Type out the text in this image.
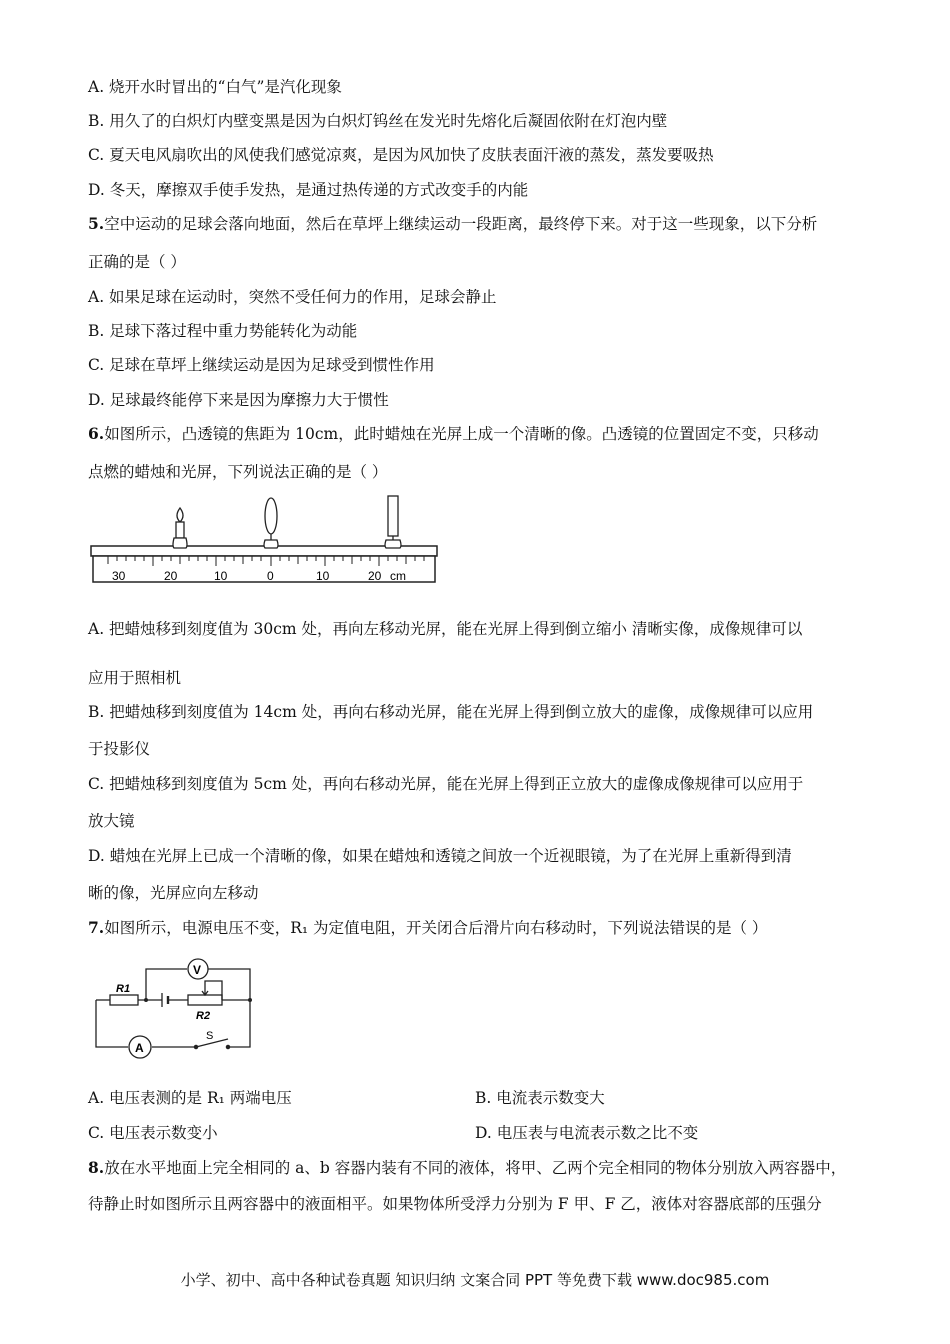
A. 烧开水时冒出的“白气”是汽化现象
B. 用久了的白炽灯内壁变黑是因为白炽灯钨丝在发光时先熔化后凝固依附在灯泡内壁
C. 夏天电风扇吹出的风使我们感觉凉爽，是因为风加快了皮肤表面汗液的蒸发，蒸发要吸热
D. 冬天，摩擦双手使手发热，是通过热传递的方式改变手的内能
5.空中运动的足球会落向地面，然后在草坪上继续运动一段距离，最终停下来。对于这一些现象，以下分析
正确的是（ ）
A. 如果足球在运动时，突然不受任何力的作用，足球会静止
B. 足球下落过程中重力势能转化为动能
C. 足球在草坪上继续运动是因为足球受到惯性作用
D. 足球最终能停下来是因为摩擦力大于惯性
6.如图所示，凸透镜的焦距为 10cm，此时蜡烛在光屏上成一个清晰的像。凸透镜的位置固定不变，只移动
点燃的蜡烛和光屏，下列说法正确的是（ ）
30	20	10	0	10	20 cm
A. 把蜡烛移到刻度值为 30cm 处，再向左移动光屏，能在光屏上得到倒立缩小 清晰实像，成像规律可以
应用于照相机
B. 把蜡烛移到刻度值为 14cm 处，再向右移动光屏，能在光屏上得到倒立放大的虚像，成像规律可以应用
于投影仪
C. 把蜡烛移到刻度值为 5cm 处，再向右移动光屏，能在光屏上得到正立放大的虚像成像规律可以应用于
放大镜
D. 蜡烛在光屏上已成一个清晰的像，如果在蜡烛和透镜之间放一个近视眼镜，为了在光屏上重新得到清
晰的像，光屏应向左移动
7.如图所示，电源电压不变，R₁ 为定值电阻，开关闭合后滑片向右移动时，下列说法错误的是（ ）
V
A
R1
R2
S
A. 电压表测的是 R₁ 两端电压	B. 电流表示数变大
C. 电压表示数变小	D. 电压表与电流表示数之比不变
8.放在水平地面上完全相同的 a、b 容器内装有不同的液体，将甲、乙两个完全相同的物体分别放入两容器中，
待静止时如图所示且两容器中的液面相平。如果物体所受浮力分别为 F 甲、F 乙，液体对容器底部的压强分
小学、初中、高中各种试卷真题 知识归纳 文案合同 PPT 等免费下载 www.doc985.com
